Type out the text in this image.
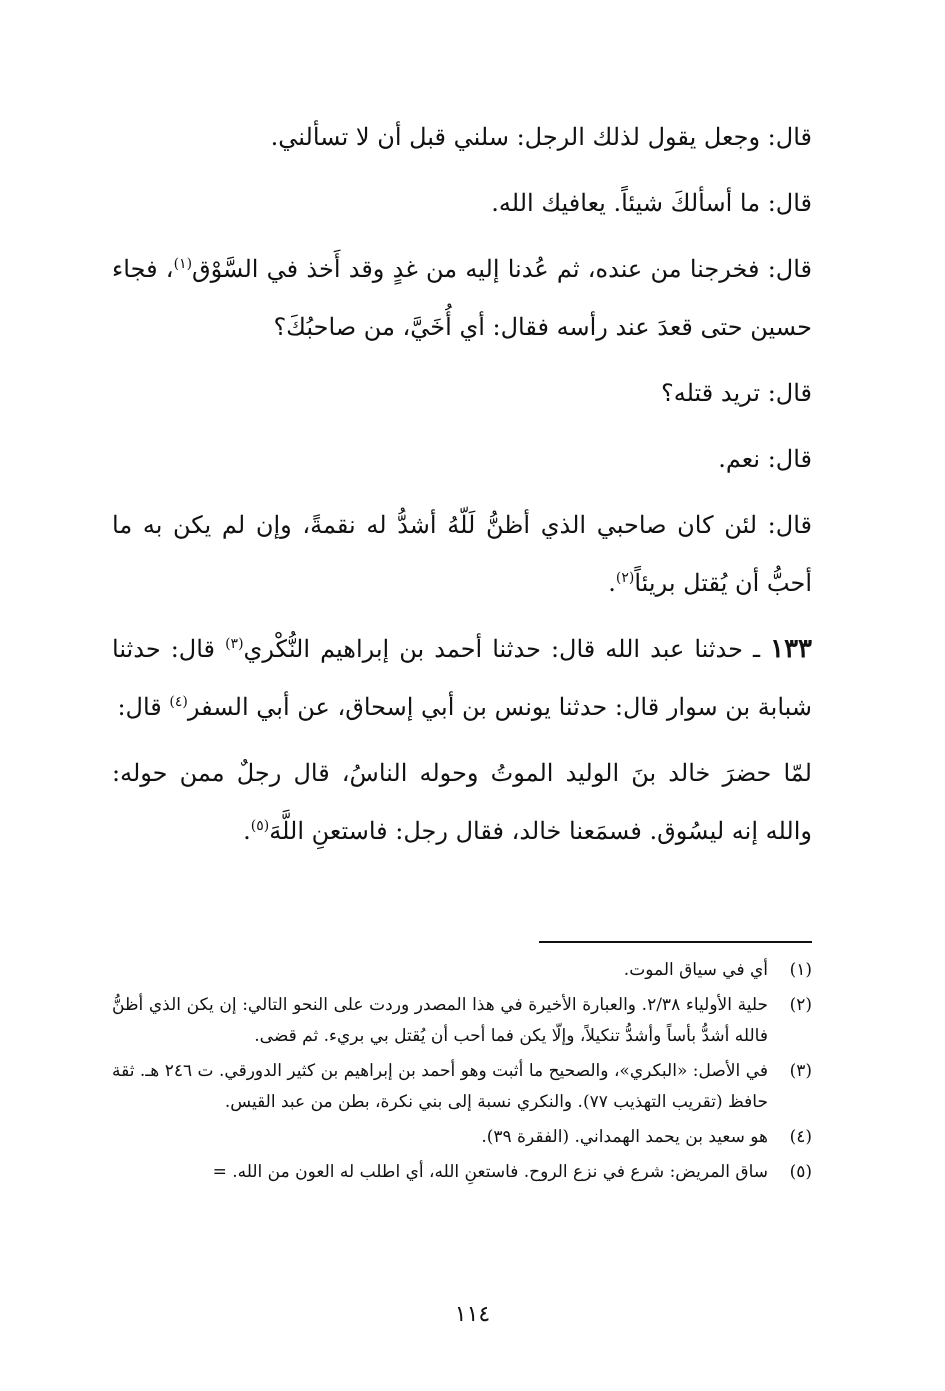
قال: وجعل يقول لذلك الرجل: سلني قبل أن لا تسألني.

قال: ما أسألكَ شيئاً. يعافيك الله.

قال: فخرجنا من عنده، ثم عُدنا إليه من غدٍ وقد أَخذ في السَّوْق$^{(١)}$، فجاء حسين حتى قعدَ عند رأسه فقال: أي أُخَيَّ، من صاحبُكَ؟

قال: تريد قتله؟

قال: نعم.

قال: لئن كان صاحبي الذي أظنُّ لَلّهُ أشدُّ له نقمةً، وإن لم يكن به ما أحبُّ أن يُقتل بريئاً$^{(٢)}$.

١٣٣ ـ حدثنا عبد الله قال: حدثنا أحمد بن إبراهيم النُّكْري$^{(٣)}$ قال: حدثنا شبابة بن سوار قال: حدثنا يونس بن أبي إسحاق، عن أبي السفر$^{(٤)}$ قال:

لمّا حضرَ خالد بنَ الوليد الموتُ وحوله الناسُ، قال رجلٌ ممن حوله: والله إنه ليسُوق. فسمَعنا خالد، فقال رجل: فاستعنِ اللَّهَ$^{(٥)}$.

(١)
أي في سياق الموت.
(٢)
حلية الأولياء ٢/٣٨. والعبارة الأخيرة في هذا المصدر وردت على النحو التالي: إن يكن الذي أظنُّ فالله أشدُّ بأساً وأشدُّ تنكيلاً، وإلّا يكن فما أحب أن يُقتل بي بريء. ثم قضى.
(٣)
في الأصل: «البكري»، والصحيح ما أثبت وهو أحمد بن إبراهيم بن كثير الدورقي. ت ٢٤٦ هـ. ثقة حافظ (تقريب التهذيب ٧٧). والنكري نسبة إلى بني نكرة، بطن من عبد القيس.
(٤)
هو سعيد بن يحمد الهمداني. (الفقرة ٣٩).
(٥)
ساق المريض: شرع في نزع الروح. فاستعنِ الله، أي اطلب له العون من الله. =
١١٤
